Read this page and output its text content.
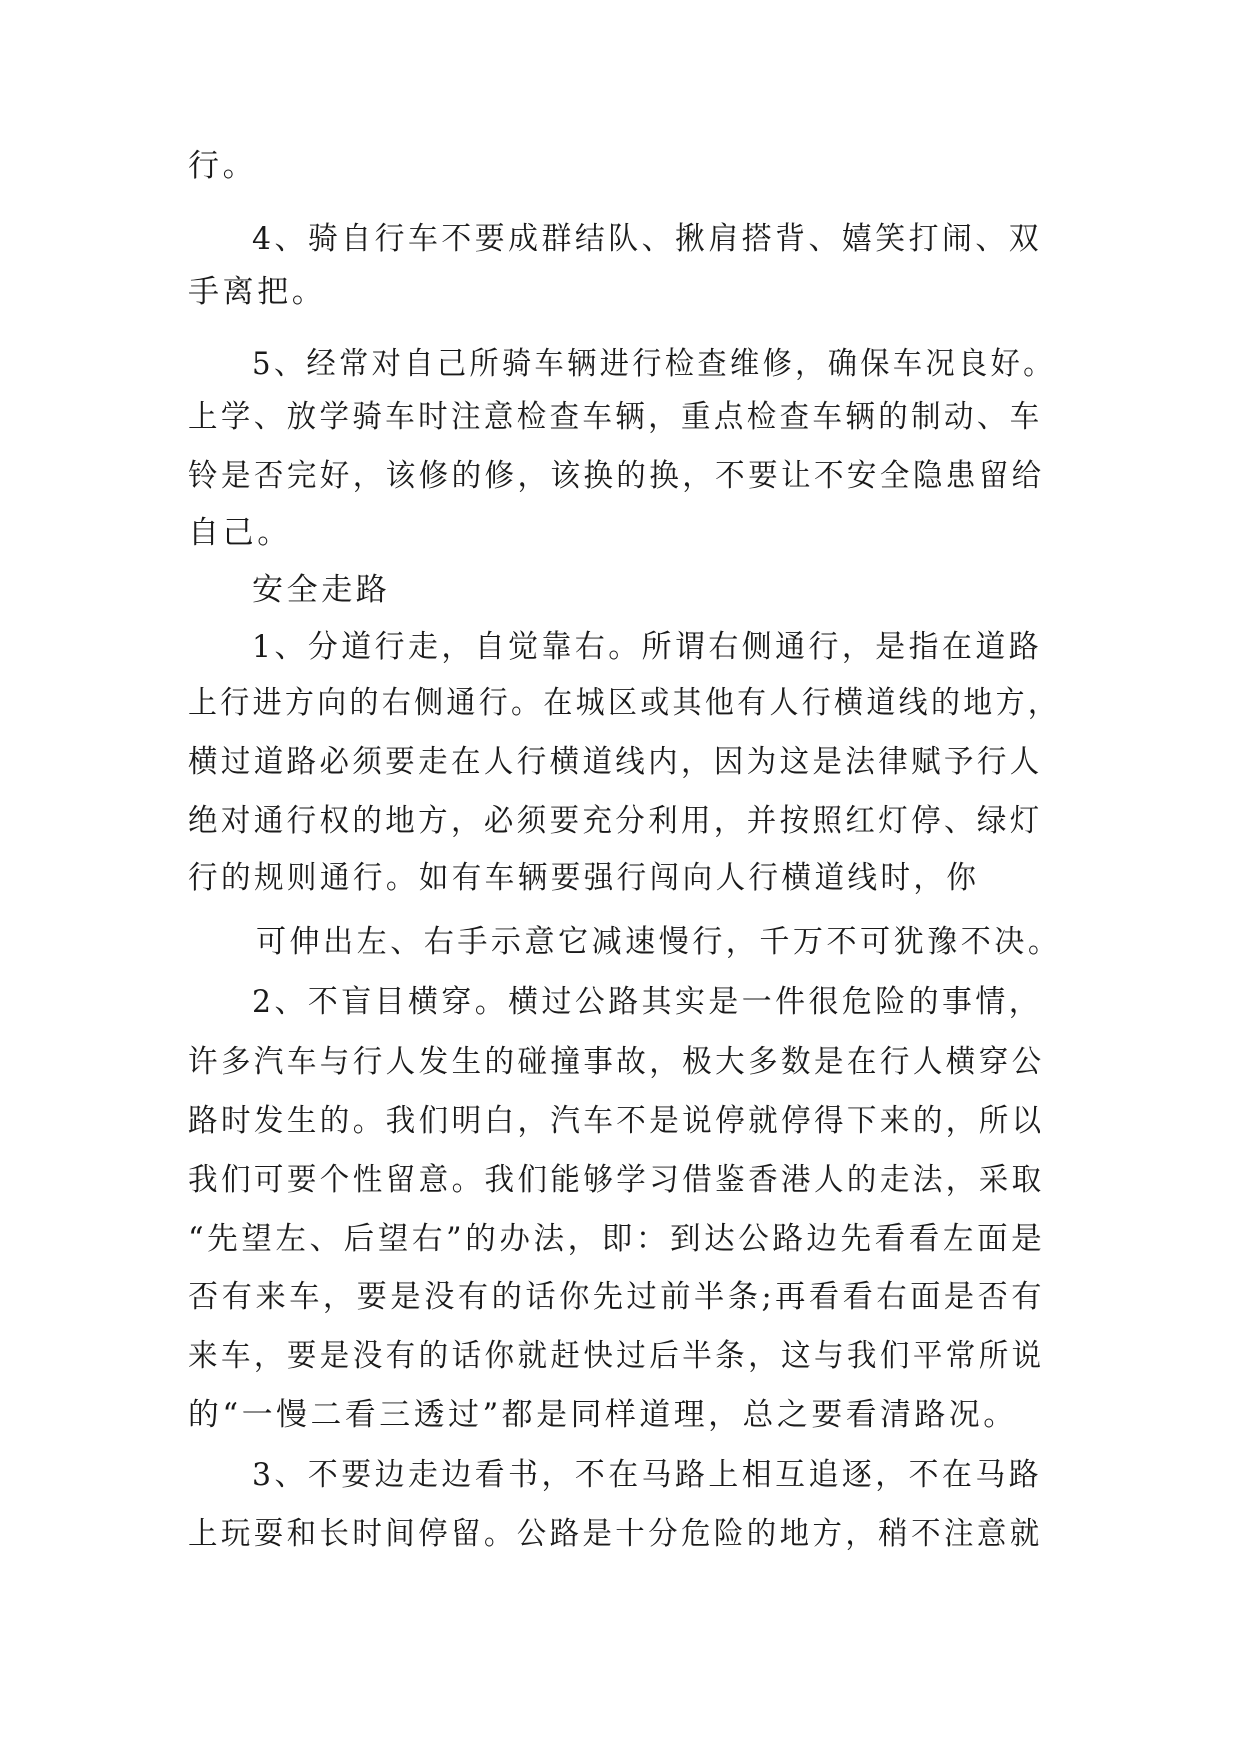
行。
4、骑自行车不要成群结队、揪肩搭背、嬉笑打闹、双
手离把。
5、经常对自己所骑车辆进行检查维修，确保车况良好。
上学、放学骑车时注意检查车辆，重点检查车辆的制动、车
铃是否完好，该修的修，该换的换，不要让不安全隐患留给
自己。
安全走路
1、分道行走，自觉靠右。所谓右侧通行，是指在道路
上行进方向的右侧通行。在城区或其他有人行横道线的地方，
横过道路必须要走在人行横道线内，因为这是法律赋予行人
绝对通行权的地方，必须要充分利用，并按照红灯停、绿灯
行的规则通行。如有车辆要强行闯向人行横道线时，你
可伸出左、右手示意它减速慢行，千万不可犹豫不决。
2、不盲目横穿。横过公路其实是一件很危险的事情，
许多汽车与行人发生的碰撞事故，极大多数是在行人横穿公
路时发生的。我们明白，汽车不是说停就停得下来的，所以
我们可要个性留意。我们能够学习借鉴香港人的走法，采取
“先望左、后望右”的办法，即：到达公路边先看看左面是
否有来车，要是没有的话你先过前半条;再看看右面是否有
来车，要是没有的话你就赶快过后半条，这与我们平常所说
的“一慢二看三透过”都是同样道理，总之要看清路况。
3、不要边走边看书，不在马路上相互追逐，不在马路
上玩耍和长时间停留。公路是十分危险的地方，稍不注意就
